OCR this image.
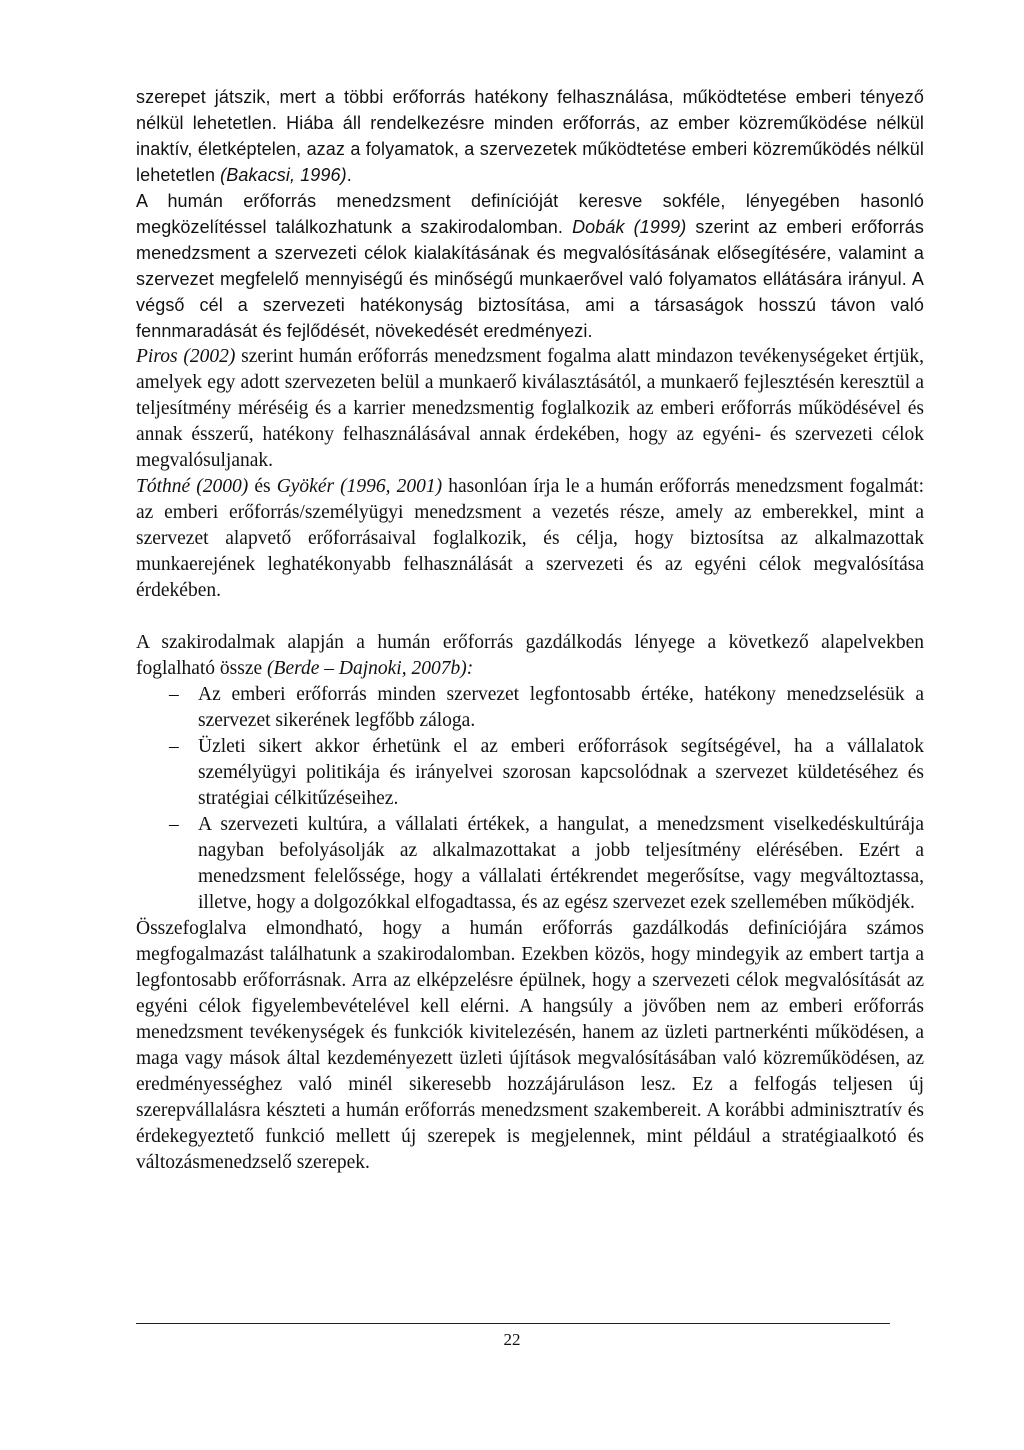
szerepet játszik, mert a többi erőforrás hatékony felhasználása, működtetése emberi tényező nélkül lehetetlen. Hiába áll rendelkezésre minden erőforrás, az ember közreműködése nélkül inaktív, életképtelen, azaz a folyamatok, a szervezetek működtetése emberi közreműködés nélkül lehetetlen (Bakacsi, 1996).

A humán erőforrás menedzsment definícióját keresve sokféle, lényegében hasonló megközelítéssel találkozhatunk a szakirodalomban. Dobák (1999) szerint az emberi erőforrás menedzsment a szervezeti célok kialakításának és megvalósításának elősegítésére, valamint a szervezet megfelelő mennyiségű és minőségű munkaerővel való folyamatos ellátására irányul. A végső cél a szervezeti hatékonyság biztosítása, ami a társaságok hosszú távon való fennmaradását és fejlődését, növekedését eredményezi.

Piros (2002) szerint humán erőforrás menedzsment fogalma alatt mindazon tevékenységeket értjük, amelyek egy adott szervezeten belül a munkaerő kiválasztásától, a munkaerő fejlesztésén keresztül a teljesítmény méréséig és a karrier menedzsmentig foglalkozik az emberi erőforrás működésével és annak ésszerű, hatékony felhasználásával annak érdekében, hogy az egyéni- és szervezeti célok megvalósuljanak.

Tóthné (2000) és Gyökér (1996, 2001) hasonlóan írja le a humán erőforrás menedzsment fogalmát: az emberi erőforrás/személyügyi menedzsment a vezetés része, amely az emberekkel, mint a szervezet alapvető erőforrásaival foglalkozik, és célja, hogy biztosítsa az alkalmazottak munkaerejének leghatékonyabb felhasználását a szervezeti és az egyéni célok megvalósítása érdekében.

A szakirodalmak alapján a humán erőforrás gazdálkodás lényege a következő alapelvekben foglalható össze (Berde – Dajnoki, 2007b):

– Az emberi erőforrás minden szervezet legfontosabb értéke, hatékony menedzselésük a szervezet sikerének legfőbb záloga.
– Üzleti sikert akkor érhetünk el az emberi erőforrások segítségével, ha a vállalatok személyügyi politikája és irányelvei szorosan kapcsolódnak a szervezet küldetéséhez és stratégiai célkitűzéseihez.
– A szervezeti kultúra, a vállalati értékek, a hangulat, a menedzsment viselkedéskultúrája nagyban befolyásolják az alkalmazottakat a jobb teljesítmény elérésében. Ezért a menedzsment felelőssége, hogy a vállalati értékrendet megerősítse, vagy megváltoztassa, illetve, hogy a dolgozókkal elfogadtassa, és az egész szervezet ezek szellemében működjék.

Összefoglalva elmondható, hogy a humán erőforrás gazdálkodás definíciójára számos megfogalmazást találhatunk a szakirodalomban. Ezekben közös, hogy mindegyik az embert tartja a legfontosabb erőforrásnak. Arra az elképzelésre épülnek, hogy a szervezeti célok megvalósítását az egyéni célok figyelembevételével kell elérni. A hangsúly a jövőben nem az emberi erőforrás menedzsment tevékenységek és funkciók kivitelezésén, hanem az üzleti partnerkénti működésen, a maga vagy mások által kezdeményezett üzleti újítások megvalósításában való közreműködésen, az eredményességhez való minél sikeresebb hozzájáruláson lesz. Ez a felfogás teljesen új szerepvállalásra készteti a humán erőforrás menedzsment szakembereit. A korábbi adminisztratív és érdekegyeztető funkció mellett új szerepek is megjelennek, mint például a stratégiaalkotó és változásmenedzselő szerepek.

22
